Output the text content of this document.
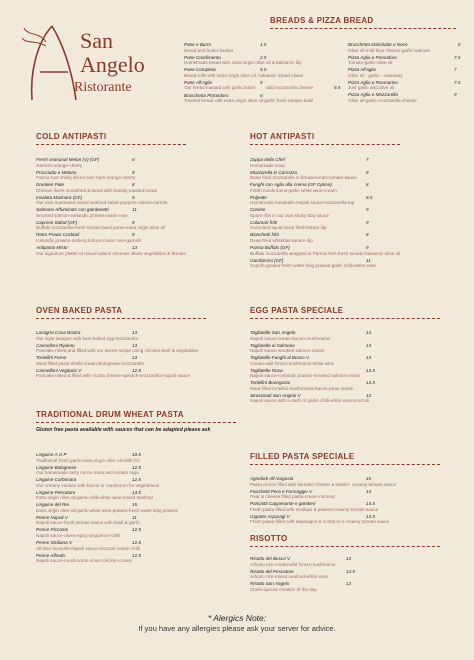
San
Angelo
Ristorante
BREADS & PIZZA BREAD
Pane e Burro	1.5
Bread and butter basket
Pane Condimento	2.5
Homemade bread with extra virgin olive oil & balsamic dip
Pane Completa	5.5
Bread rolls with extra virgin olive oil, balsamic mixed olives
Pane All'Aglio	5
Our bread toasted with garlic butter add mozzarella cheese	5.5
Bruschetta Pomodoro	6
Toasted bread with extra virgin olive oil-garlic fresh tomato-basil
Bruschetta Dolcelatte e Noce	6
Olive oil-mild blue cheese-garlic-walnuts
Pizza Aglio e Pomodoro	7.5
Tomato-garlic-olive oil
Pizza All'aglio	7
Olive oil - garlic - rosemary
Pizza Aglio e Rosmarino	7.5
Just garlic and olive oil
Pizza Aglio e Mozzarella	9
Olive oil-garlic-mozzarella cheese
COLD ANTIPASTI
Fresh seasonal Melon (V) (GF)	6
Garnish-orange-cherry
Prosciutto e Melone	9
Parma ham thinly sliced over ham-orange-cherry
Drunken Pate	8
Chicken livers smoothed & laced with brandy-toasted bread
Insalata Marinara (GF)	9
Our own marinated mixed seafood salad-peppers-onions-carrots
Salmone Affumicato con gamberetti	11
Smoked salmon-Icelandic prawns-marie rose
Caprese Salad (GF)	9
Buffalo mozzarella-fresh tomato-basil puree extra virgin olive oil
Retro Prawn Cocktail	9
Icelandic prawns-iceberg lettuce-marie rose-garnish
Antipasto Misto	13
Our signature platter of mixed salami cheeses olives vegetables & breads
HOT ANTIPASTI
Zuppa della Chef	7
Homemade soup
Mozzarella in Carrozza	8
Deep fried mozzarella in breadcrumbs-tomato sauce
Funghi con Aglio alla crema (GF Option)	8
Fresh mushrooms-garlic-white wine-cream
Polpette	8.5
Homemade meatballs-Napoli sauce-mozzarella-top
Costine	9
Spare ribs in our own sticky bbq sauce
Calamari fritti	9
Succulent squid-deep fried-tartare dip
Bianchetti fritti	8
Deep fried whitebait-tartare dip
Parma Buffalo (GF)	9
Buffalo mozzarella wrapped in Parma ham-fresh tomato-balsamic-olive oil
Gamberoni (GF)	11
Superb graded fresh water king prawns-garlic chilli-white wine
OVEN BAKED PASTA
Lasagna Casa Nostra	13
Our style lasagne with ham-boiled egg-mozzarella
Cannelloni Ripieno	13
Pancake rolled and filled with our secret recipe using chicken-beef & vegetables
Tortellini Forno	13
Meat filled pasta shells-cream-Bolognese-mozzarella
Cannelloni Vegitario V	12.5
Pancake rolled & filled with ricotta cheese-spinach-mozzarella-Napoli sauce
EGG PASTA SPECIALE
Tagliatelle San Angelo	13
Napoli sauce-cream-bacon-mushrooms
Tagliatelle al Salmone	13
Napoli sauce-smoked salmon-cream
Tagliatelle Funghi al Bosco V	13
Cream-wild forest mushrooms-white wine
Tagliatelle Rosa	13.5
Napoli sauce-Icelandic prawns-smoked salmon-cream
Tortellini Buongusto	13.5
Meat filled tortellini-mushrooms-bacon-peas-cream
Strascinati San Angelo V	13
Napoli sauce with a dash of garlic-chilli-white wine-broccoli
TRADITIONAL DRUM WHEAT PASTA
Gluten free pasta available with sauces that can be adapted please ask
Linguine A O P	10.5
Traditional fresh garlic-extra virgin olive oil-chilli (V)
Linguine Bolognese	12.5
Our homemade tasty mince meat and tomato ragu
Linguine Carbonara	12.5
Our creamy version with bacon or mushroom for vegetarians
Linguine Pescatore	14.5
Extra virgin olive oil-garlic-chilli-white wine-mixed seafood
Linguine del Rei	15
Extra virgin olive oil-garlic-white wine-prawns-fresh-water king prawns
Penne Napoli V	11
Napoli sauce-fresh tomato sauce with basil & garlic
Penne Piccante	12.5
Napoli sauce-olives-spicy-pepperoni-chilli
Penne Siciliana V	12.5
All time favourite Napoli sauce-broccoli-cream-chilli
Penne Alfredo	12.5
Napoli sauce-mushrooms-onion-chicken-cream
FILLED PASTA SPECIALE
Agnolotti All'Aragosta	15
Pasta circles filled with blended cheese & lobster- creamy tomato sauce
Fiocchetti Pera e Formaggio V	14
Pear & cheese filled pasta-cream-nutmeg
Panciotti Cappesante e gamberi	14.5
Fresh pasta filled with scallops & prawns-creamy tomato sauce
Gigante Asparagi V	13.5
Fresh pasta filled with asparagus & ricotta in a creamy tomato sauce
RISOTTO
Risotto del Bosco V	13
Arborio rice-cream-wild forest mushrooms
Risotto del Pescatore	14.5
Arborio rice-mixed seafood-white wine
Risotto San Angelo	13
Chefs special creation of the day
* Alergics Note:
If you have any allergies please ask your server for advice.
